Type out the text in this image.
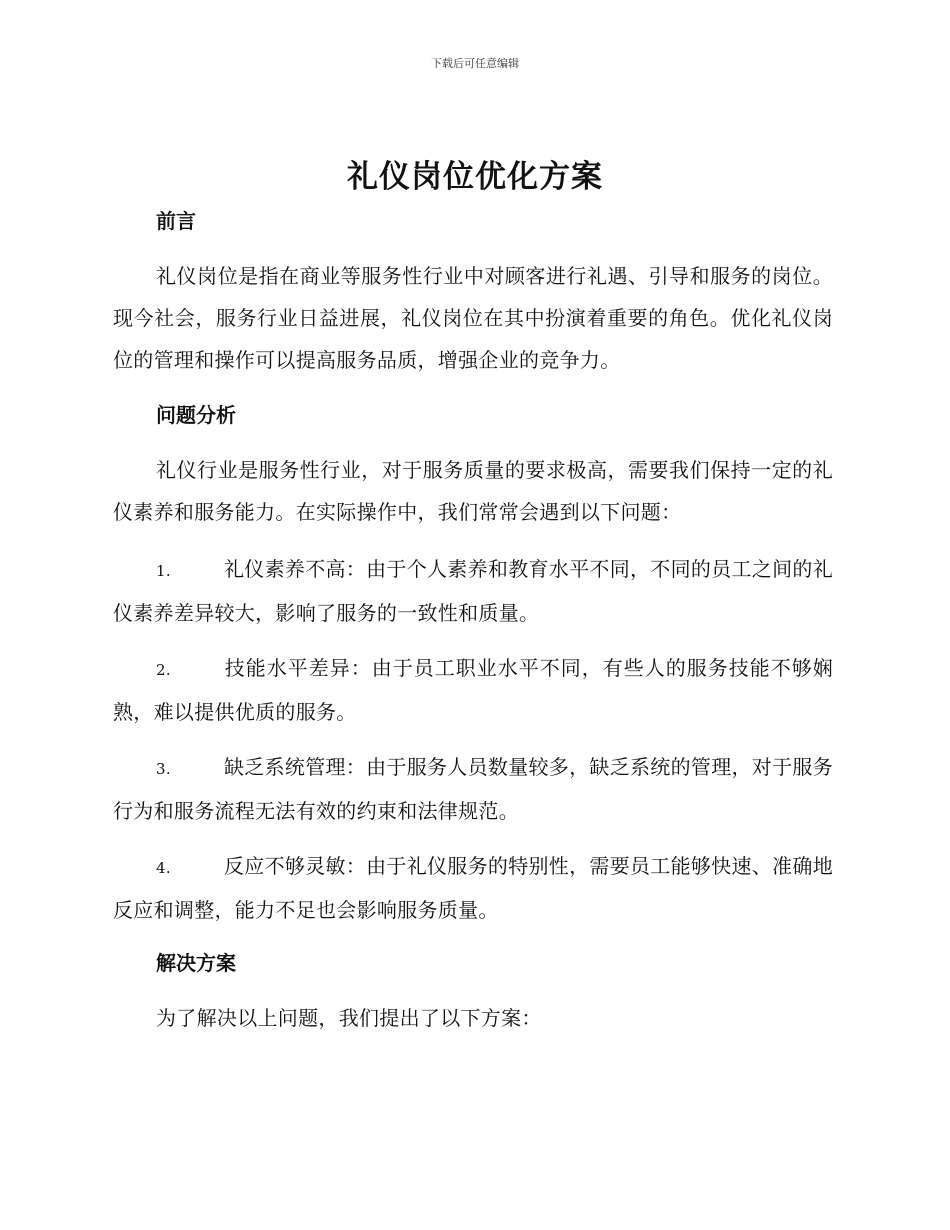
下载后可任意编辑
礼仪岗位优化方案
前言

礼仪岗位是指在商业等服务性行业中对顾客进行礼遇、引导和服务的岗位。现今社会，服务行业日益进展，礼仪岗位在其中扮演着重要的角色。优化礼仪岗位的管理和操作可以提高服务品质，增强企业的竞争力。

问题分析

礼仪行业是服务性行业，对于服务质量的要求极高，需要我们保持一定的礼仪素养和服务能力。在实际操作中，我们常常会遇到以下问题：

1.	礼仪素养不高：由于个人素养和教育水平不同，不同的员工之间的礼仪素养差异较大，影响了服务的一致性和质量。

2.	技能水平差异：由于员工职业水平不同，有些人的服务技能不够娴熟，难以提供优质的服务。

3.	缺乏系统管理：由于服务人员数量较多，缺乏系统的管理，对于服务行为和服务流程无法有效的约束和法律规范。

4.	反应不够灵敏：由于礼仪服务的特别性，需要员工能够快速、准确地反应和调整，能力不足也会影响服务质量。

解决方案

为了解决以上问题，我们提出了以下方案：
